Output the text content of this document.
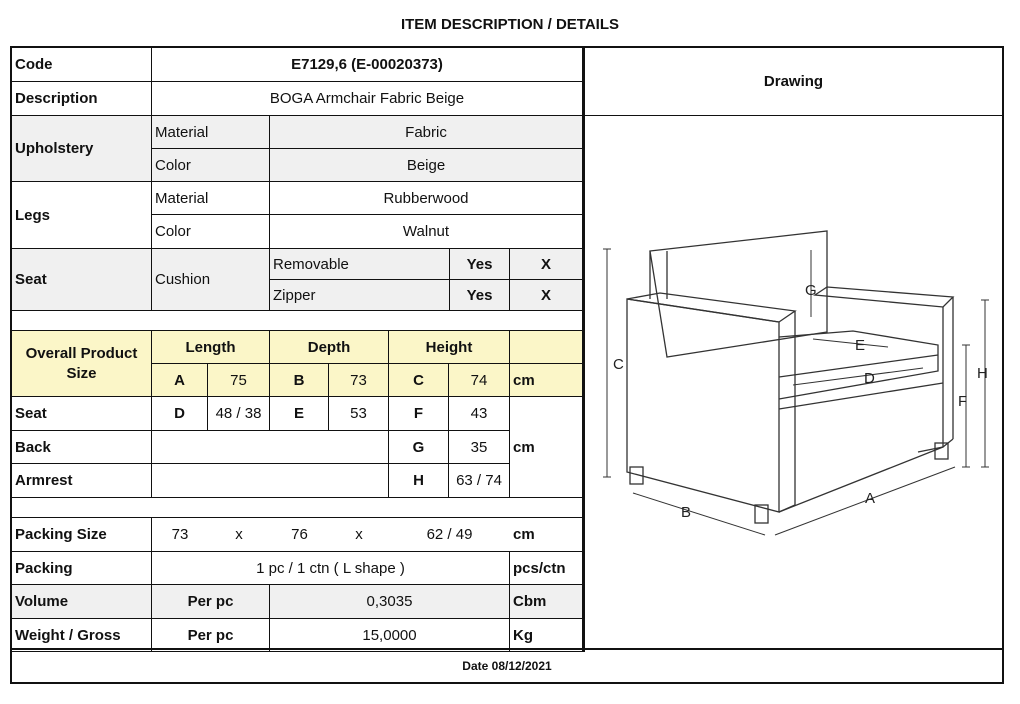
ITEM DESCRIPTION / DETAILS
Code	E7129,6 (E-00020373)
Description	BOGA Armchair Fabric Beige
Drawing
Upholstery
Material	Fabric
Color	Beige
Legs
Material	Rubberwood
Color	Walnut
Seat	Cushion
Removable	Yes	X
Zipper	Yes	X
Overall Product Size
Length	Depth	Height
A	75	B	73	C	74	cm
Seat	D	48 / 38	E	53	F	43
cm
Back	G	35
Armrest	H	63 / 74
Packing Size	73	x	76	x	62 / 49	cm
Packing	1 pc / 1 ctn ( L shape )	pcs/ctn
Volume	Per pc	0,3035	Cbm
Weight / Gross	Per pc	15,0000	Kg
C
B
A
G
E
D
F
H
Date 08/12/2021
